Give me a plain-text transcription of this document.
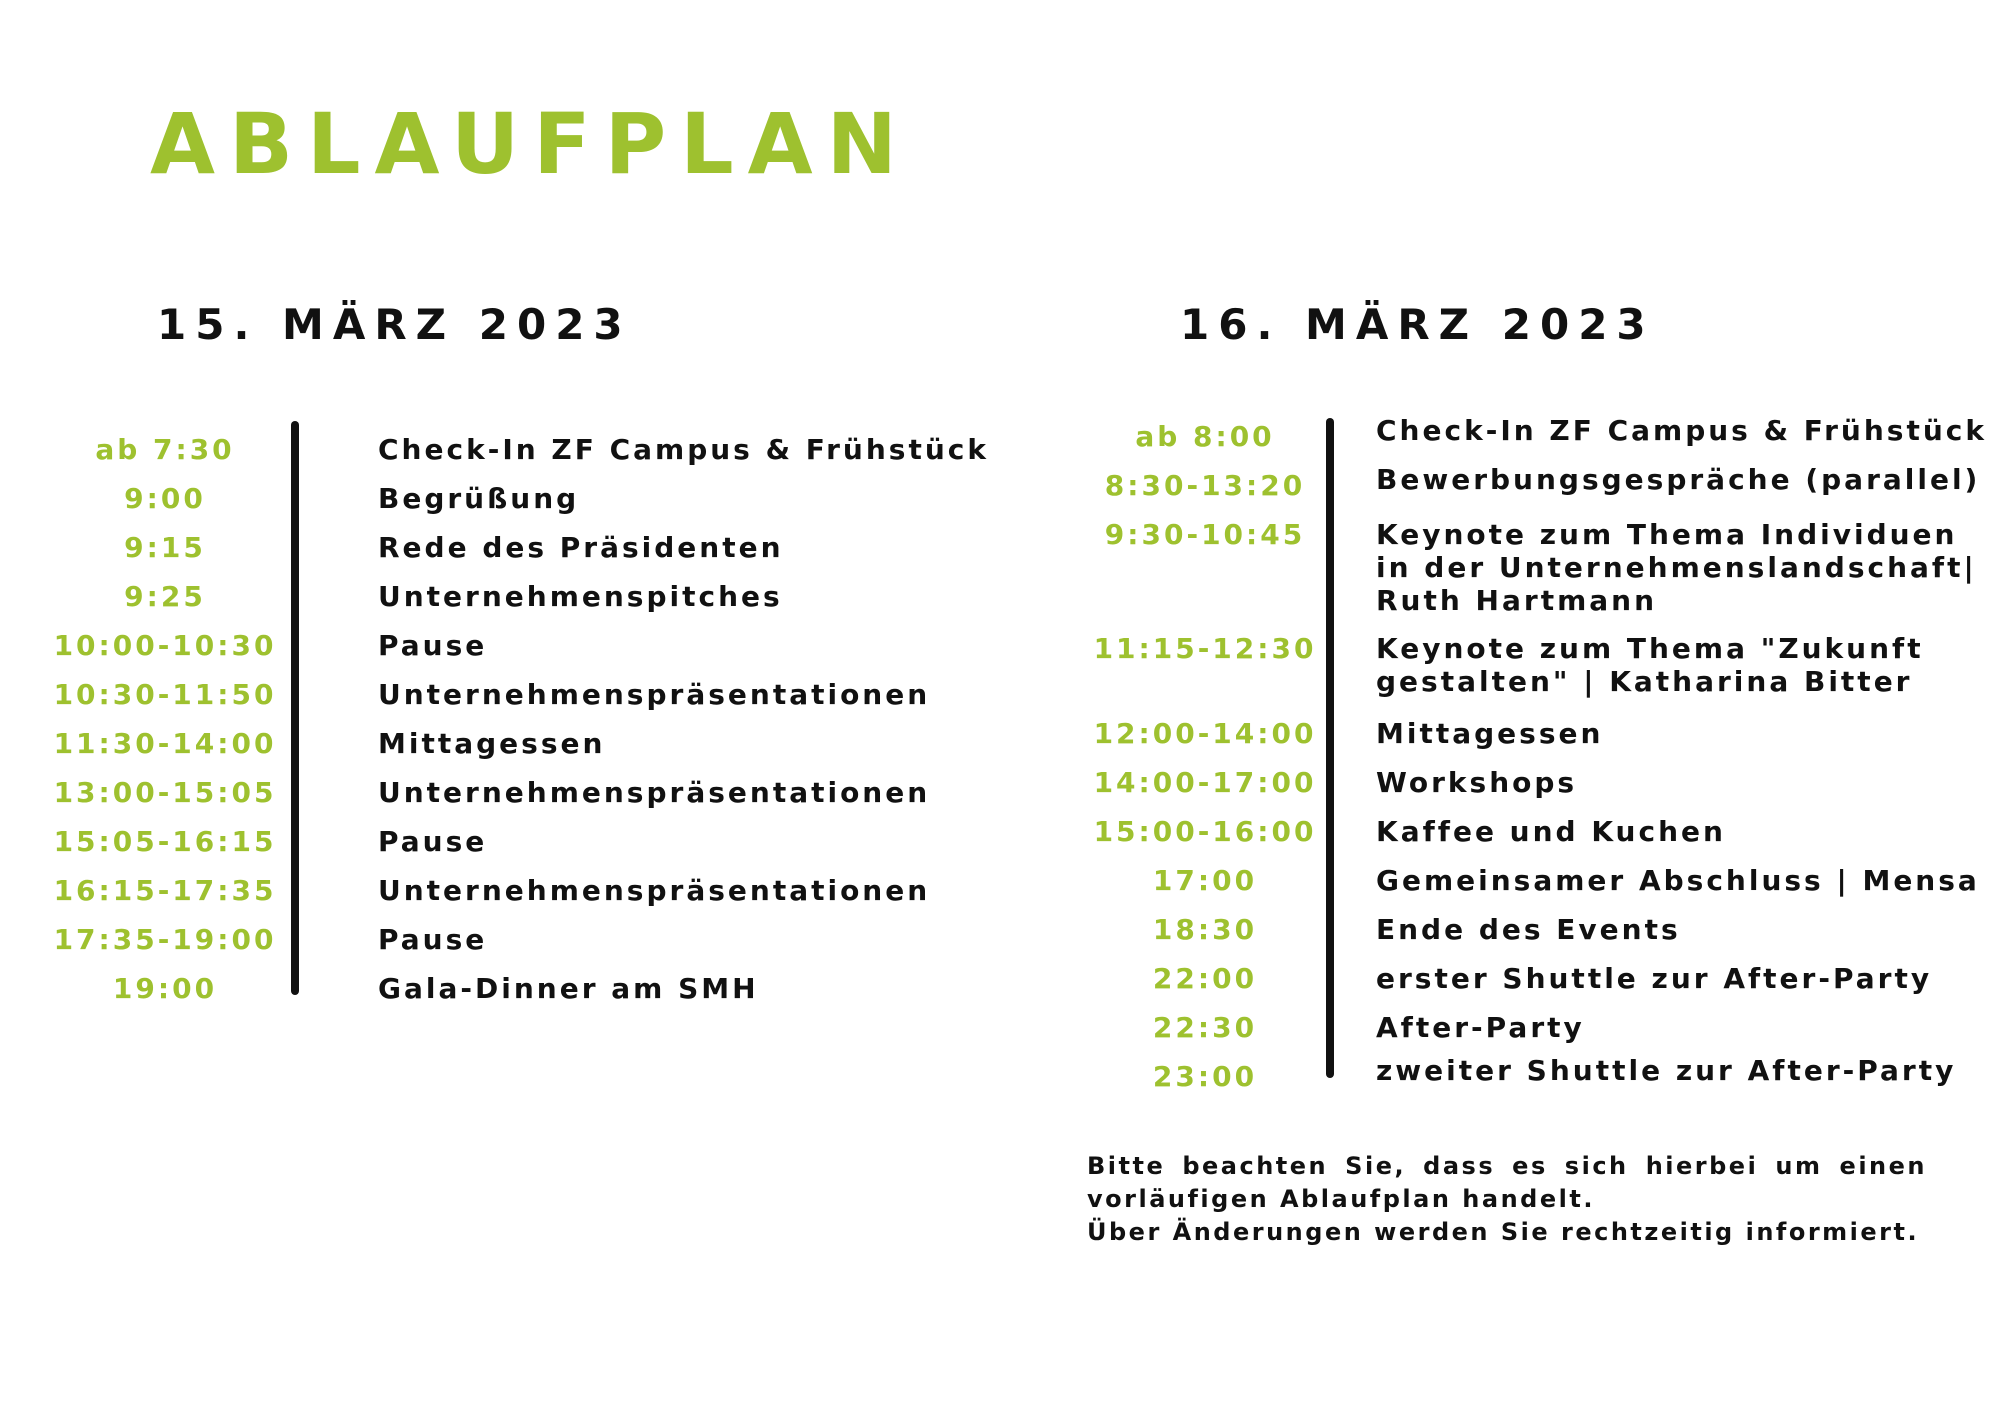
ABLAUFPLAN
15. MÄRZ 2023	16. MÄRZ 2023
ab 7:30	Check-In ZF Campus & Frühstück
9:00	Begrüßung
9:15	Rede des Präsidenten
9:25	Unternehmenspitches
10:00-10:30	Pause
10:30-11:50	Unternehmenspräsentationen
11:30-14:00	Mittagessen
13:00-15:05	Unternehmenspräsentationen
15:05-16:15	Pause
16:15-17:35	Unternehmenspräsentationen
17:35-19:00	Pause
19:00	Gala-Dinner am SMH
ab 8:00	Check-In ZF Campus & Frühstück
8:30-13:20	Bewerbungsgespräche (parallel)
9:30-10:45	Keynote zum Thema Individuen
in der Unternehmenslandschaft|
Ruth Hartmann
11:15-12:30	Keynote zum Thema "Zukunft
gestalten" | Katharina Bitter
12:00-14:00	Mittagessen
14:00-17:00	Workshops
15:00-16:00	Kaffee und Kuchen
17:00	Gemeinsamer Abschluss | Mensa
18:30	Ende des Events
22:00	erster Shuttle zur After-Party
22:30	After-Party
23:00	zweiter Shuttle zur After-Party
Bitte beachten Sie, dass es sich hierbei um einen
vorläufigen Ablaufplan handelt.
Über Änderungen werden Sie rechtzeitig informiert.
